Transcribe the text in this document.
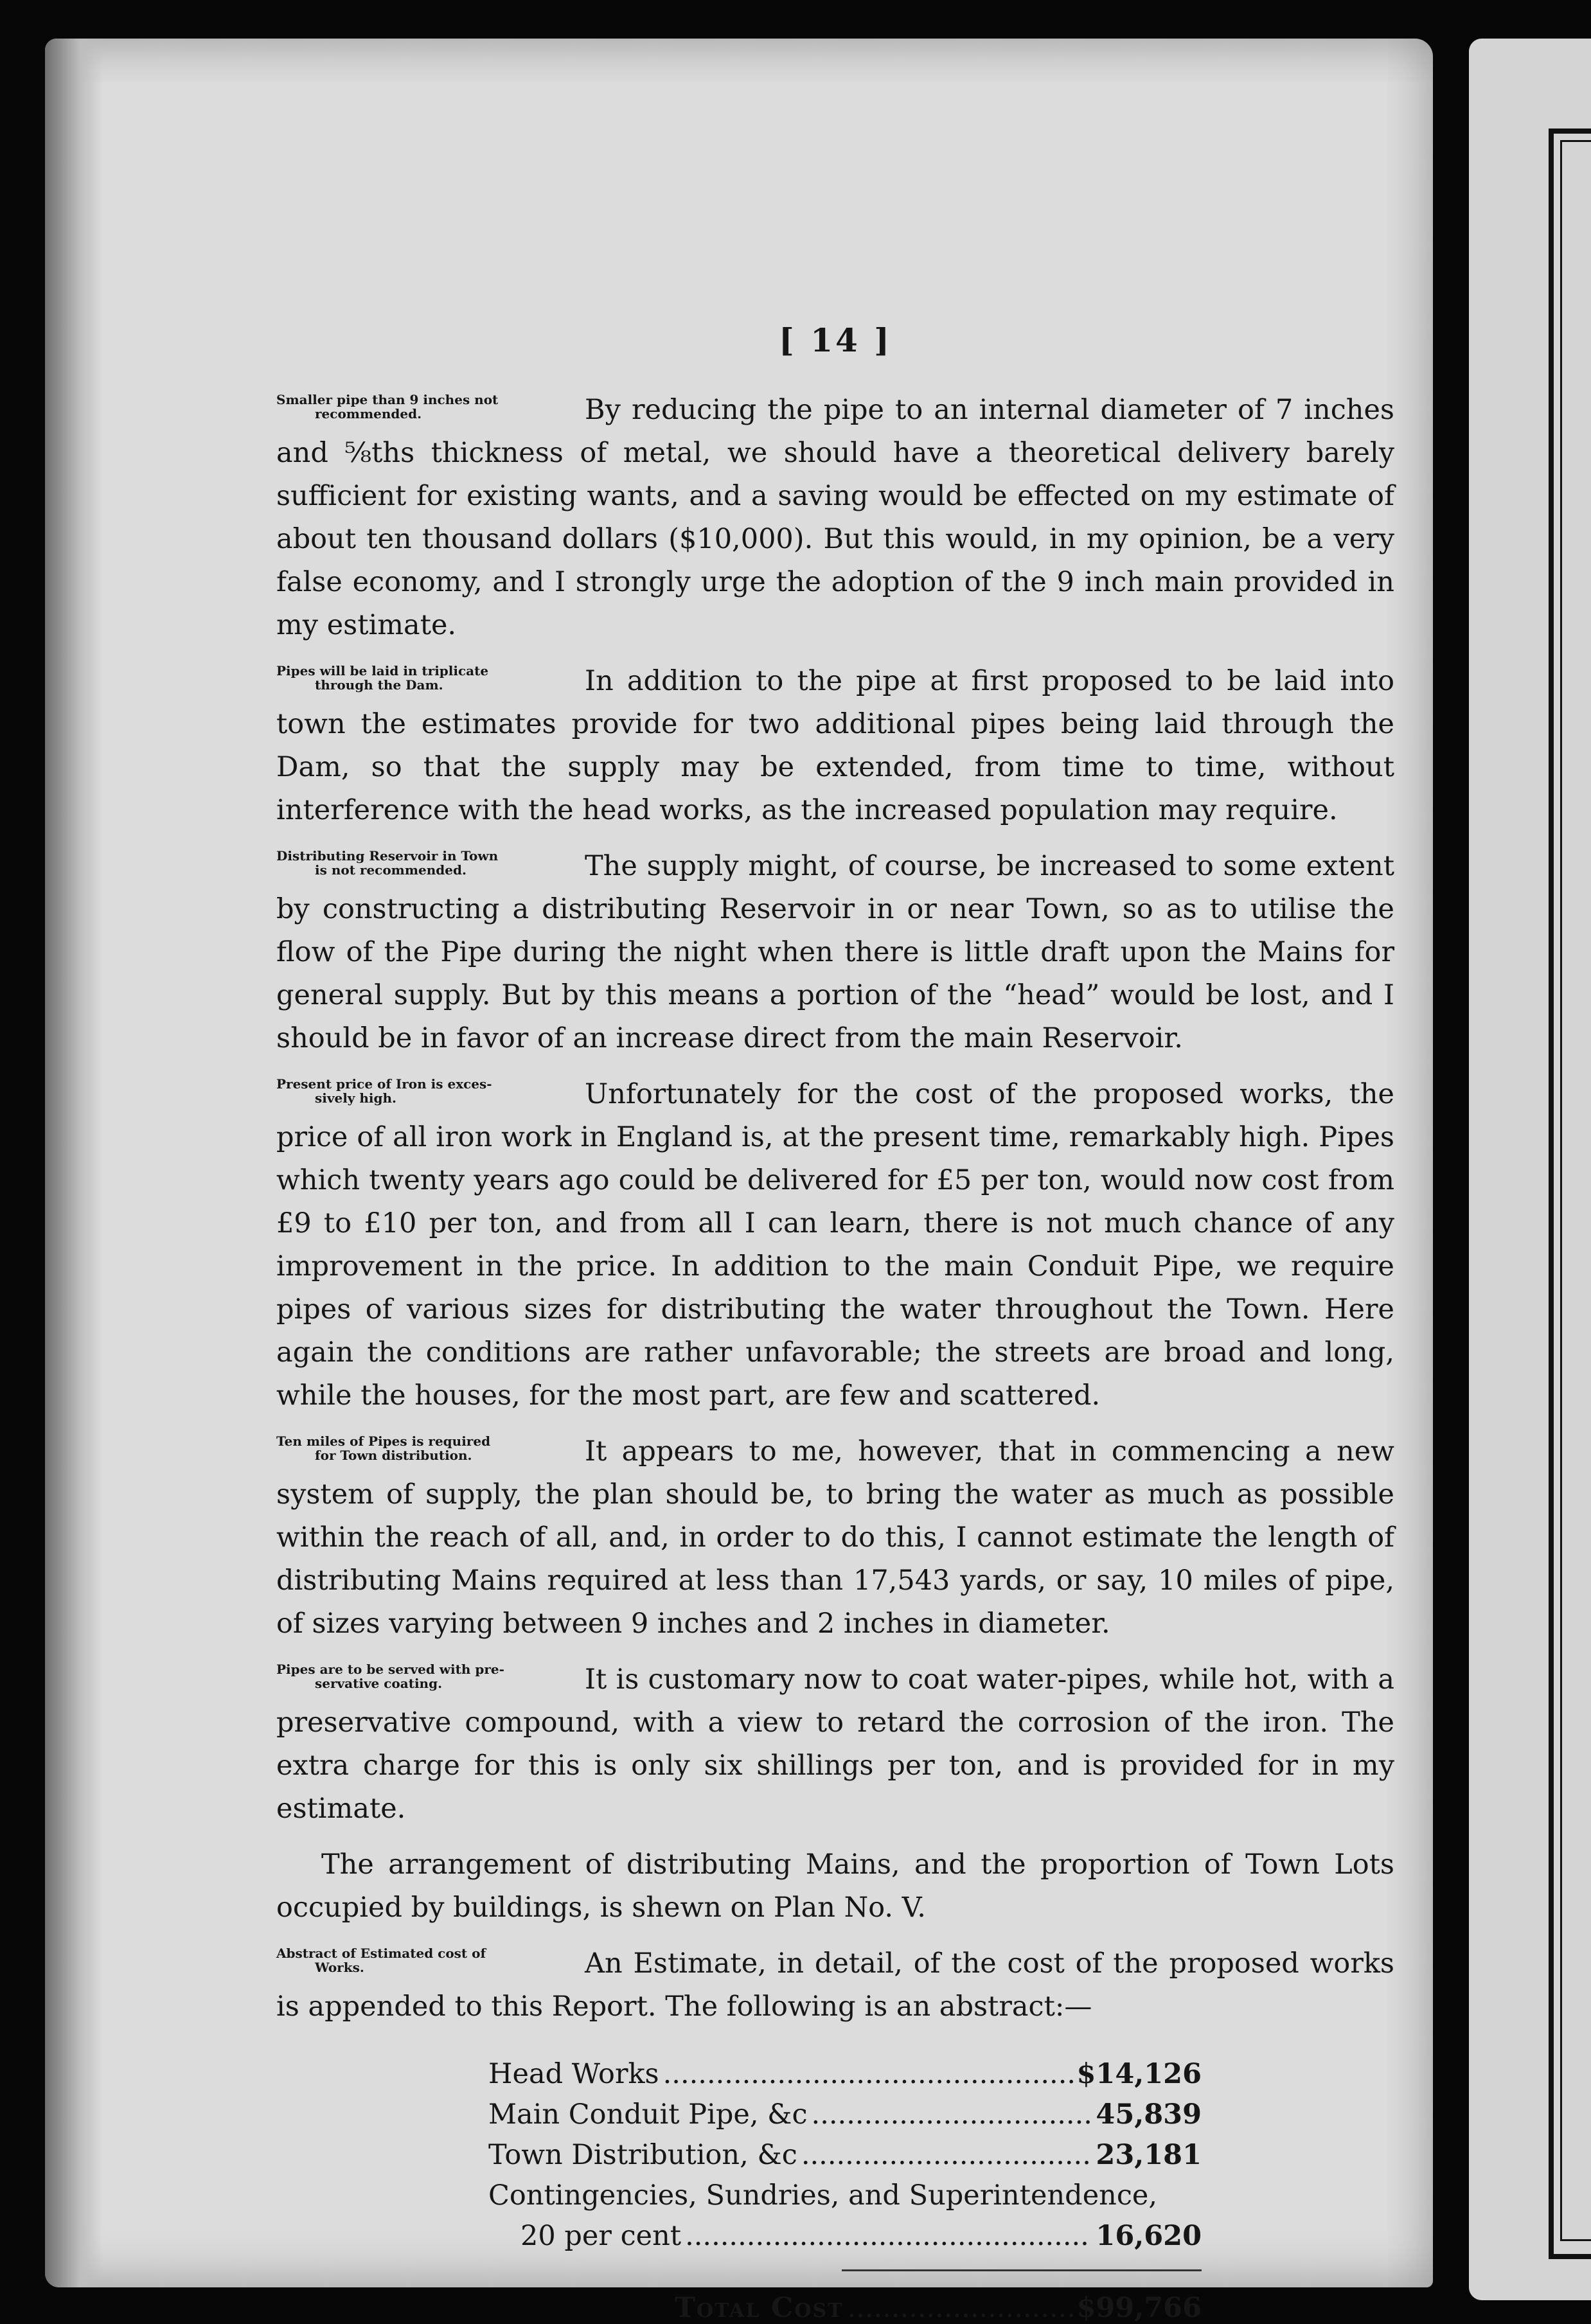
[ 14 ]
Smaller pipe than 9 inches not
recommended.	By reducing the pipe to an internal diameter of 7 inches and ⅝ths thickness of metal, we should have a theoretical delivery barely sufficient for existing wants, and a saving would be effected on my estimate of about ten thousand dollars ($10,000). But this would, in my opinion, be a very false economy, and I strongly urge the adoption of the 9 inch main provided in my estimate.
Pipes will be laid in triplicate
through the Dam.	In addition to the pipe at first proposed to be laid into town the estimates provide for two additional pipes being laid through the Dam, so that the supply may be extended, from time to time, without interference with the head works, as the increased population may require.
Distributing Reservoir in Town
is not recommended.	The supply might, of course, be increased to some extent by constructing a distributing Reservoir in or near Town, so as to utilise the flow of the Pipe during the night when there is little draft upon the Mains for general supply. But by this means a portion of the “head” would be lost, and I should be in favor of an increase direct from the main Reservoir.
Present price of Iron is exces-
sively high.	Unfortunately for the cost of the proposed works, the price of all iron work in England is, at the present time, remarkably high. Pipes which twenty years ago could be delivered for £5 per ton, would now cost from £9 to £10 per ton, and from all I can learn, there is not much chance of any improvement in the price. In addition to the main Conduit Pipe, we require pipes of various sizes for distributing the water throughout the Town. Here again the conditions are rather unfavorable; the streets are broad and long, while the houses, for the most part, are few and scattered.
Ten miles of Pipes is required
for Town distribution.	It appears to me, however, that in commencing a new system of supply, the plan should be, to bring the water as much as possible within the reach of all, and, in order to do this, I cannot estimate the length of distributing Mains required at less than 17,543 yards, or say, 10 miles of pipe, of sizes varying between 9 inches and 2 inches in diameter.
Pipes are to be served with pre-
servative coating.	It is customary now to coat water-pipes, while hot, with a preservative compound, with a view to retard the corrosion of the iron. The extra charge for this is only six shillings per ton, and is provided for in my estimate.
The arrangement of distributing Mains, and the proportion of Town Lots occupied by buildings, is shewn on Plan No. V.
Abstract of Estimated cost of
Works.	An Estimate, in detail, of the cost of the proposed works is appended to this Report. The following is an abstract:—
Head Works .....	$14,126
Main Conduit Pipe, &c .....	45,839
Town Distribution, &c .....	23,181
Contingencies, Sundries, and Superintendence,
20 per cent .....	16,620
Total Cost .....	$99,766
